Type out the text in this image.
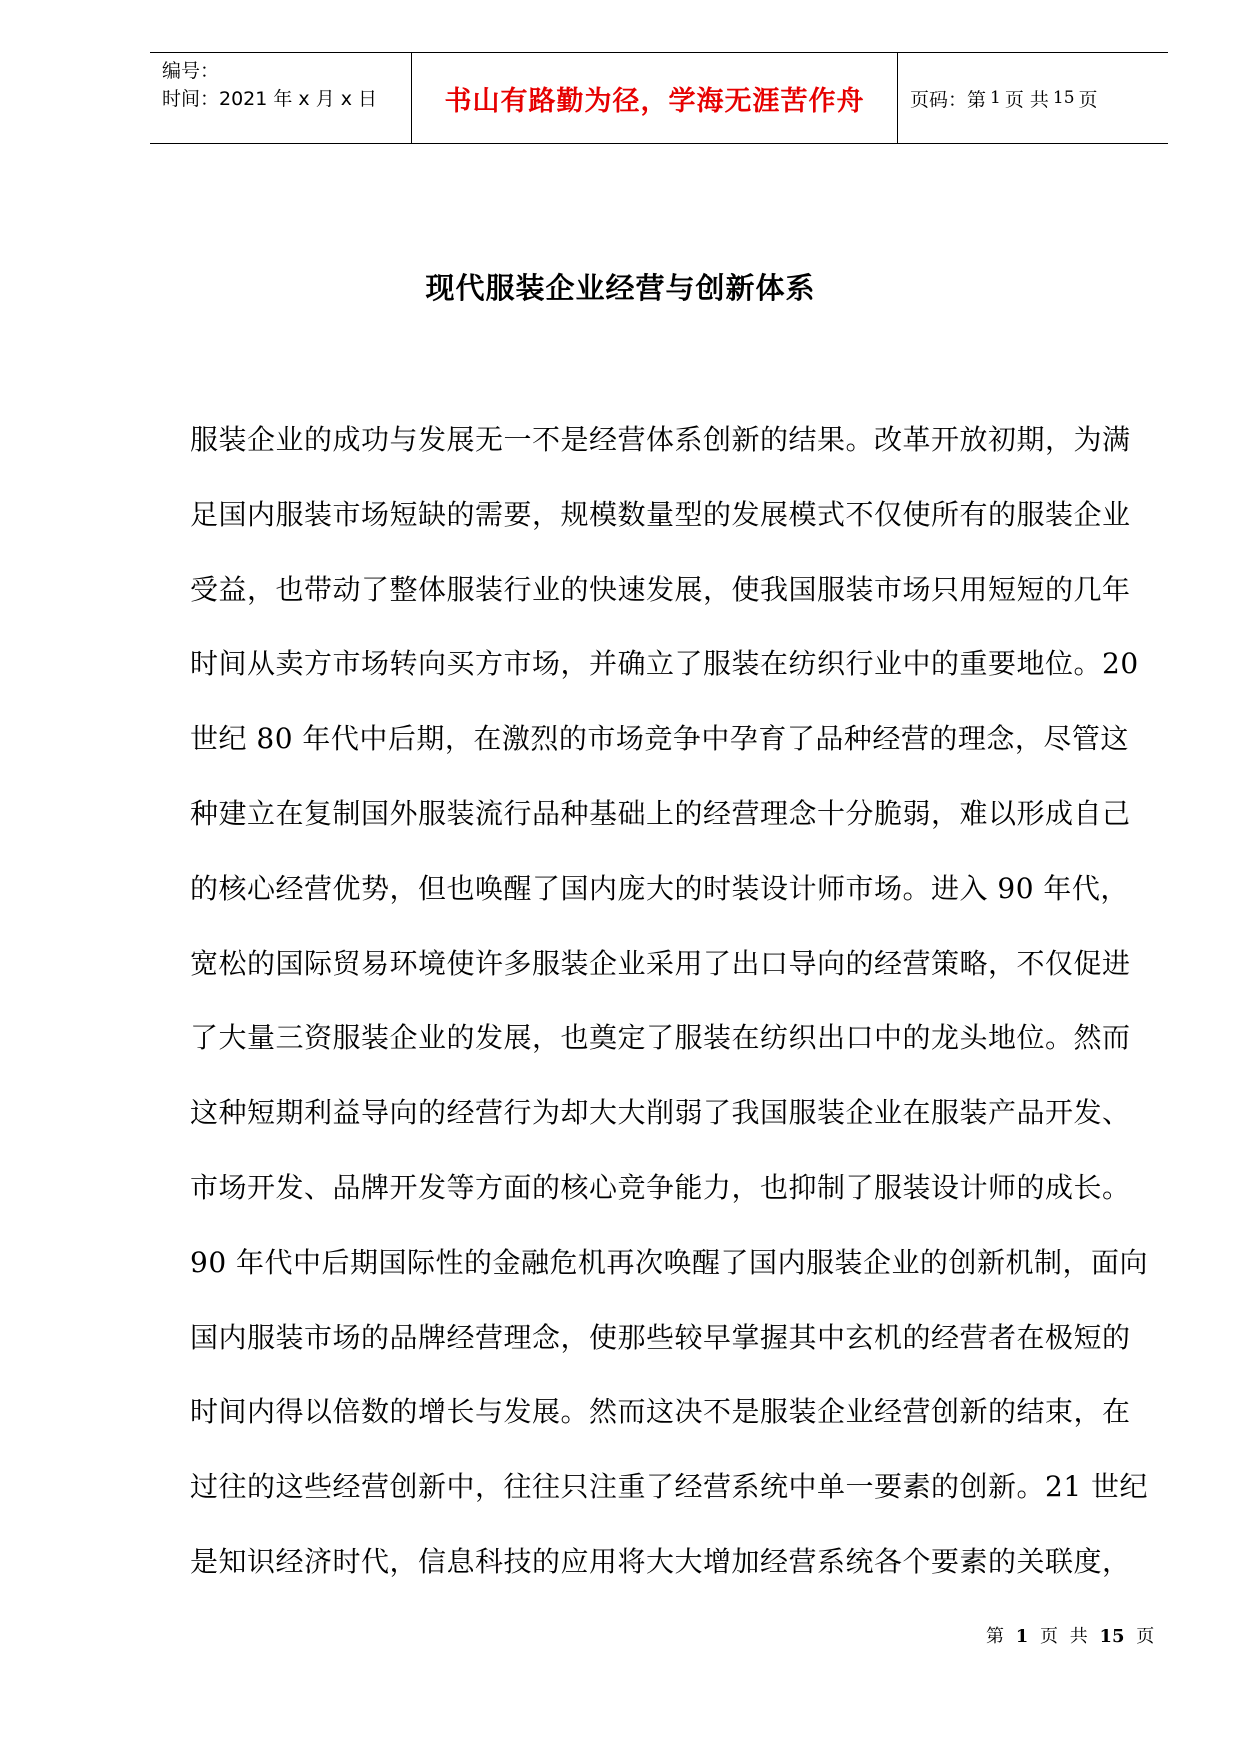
编号：
时间：2021 年 x 月 x 日	书山有路勤为径，学海无涯苦作舟 页码：第 1 页 共 15 页
现代服装企业经营与创新体系
服装企业的成功与发展无一不是经营体系创新的结果。改革开放初期，为满
足国内服装市场短缺的需要，规模数量型的发展模式不仅使所有的服装企业
受益，也带动了整体服装行业的快速发展，使我国服装市场只用短短的几年
时间从卖方市场转向买方市场，并确立了服装在纺织行业中的重要地位。20
世纪 80 年代中后期，在激烈的市场竞争中孕育了品种经营的理念，尽管这
种建立在复制国外服装流行品种基础上的经营理念十分脆弱，难以形成自己
的核心经营优势，但也唤醒了国内庞大的时装设计师市场。进入 90 年代，
宽松的国际贸易环境使许多服装企业采用了出口导向的经营策略，不仅促进
了大量三资服装企业的发展，也奠定了服装在纺织出口中的龙头地位。然而
这种短期利益导向的经营行为却大大削弱了我国服装企业在服装产品开发、
市场开发、品牌开发等方面的核心竞争能力，也抑制了服装设计师的成长。
90 年代中后期国际性的金融危机再次唤醒了国内服装企业的创新机制，面向
国内服装市场的品牌经营理念，使那些较早掌握其中玄机的经营者在极短的
时间内得以倍数的增长与发展。然而这决不是服装企业经营创新的结束，在
过往的这些经营创新中，往往只注重了经营系统中单一要素的创新。21 世纪
是知识经济时代，信息科技的应用将大大增加经营系统各个要素的关联度，
第 1 页 共 15 页
